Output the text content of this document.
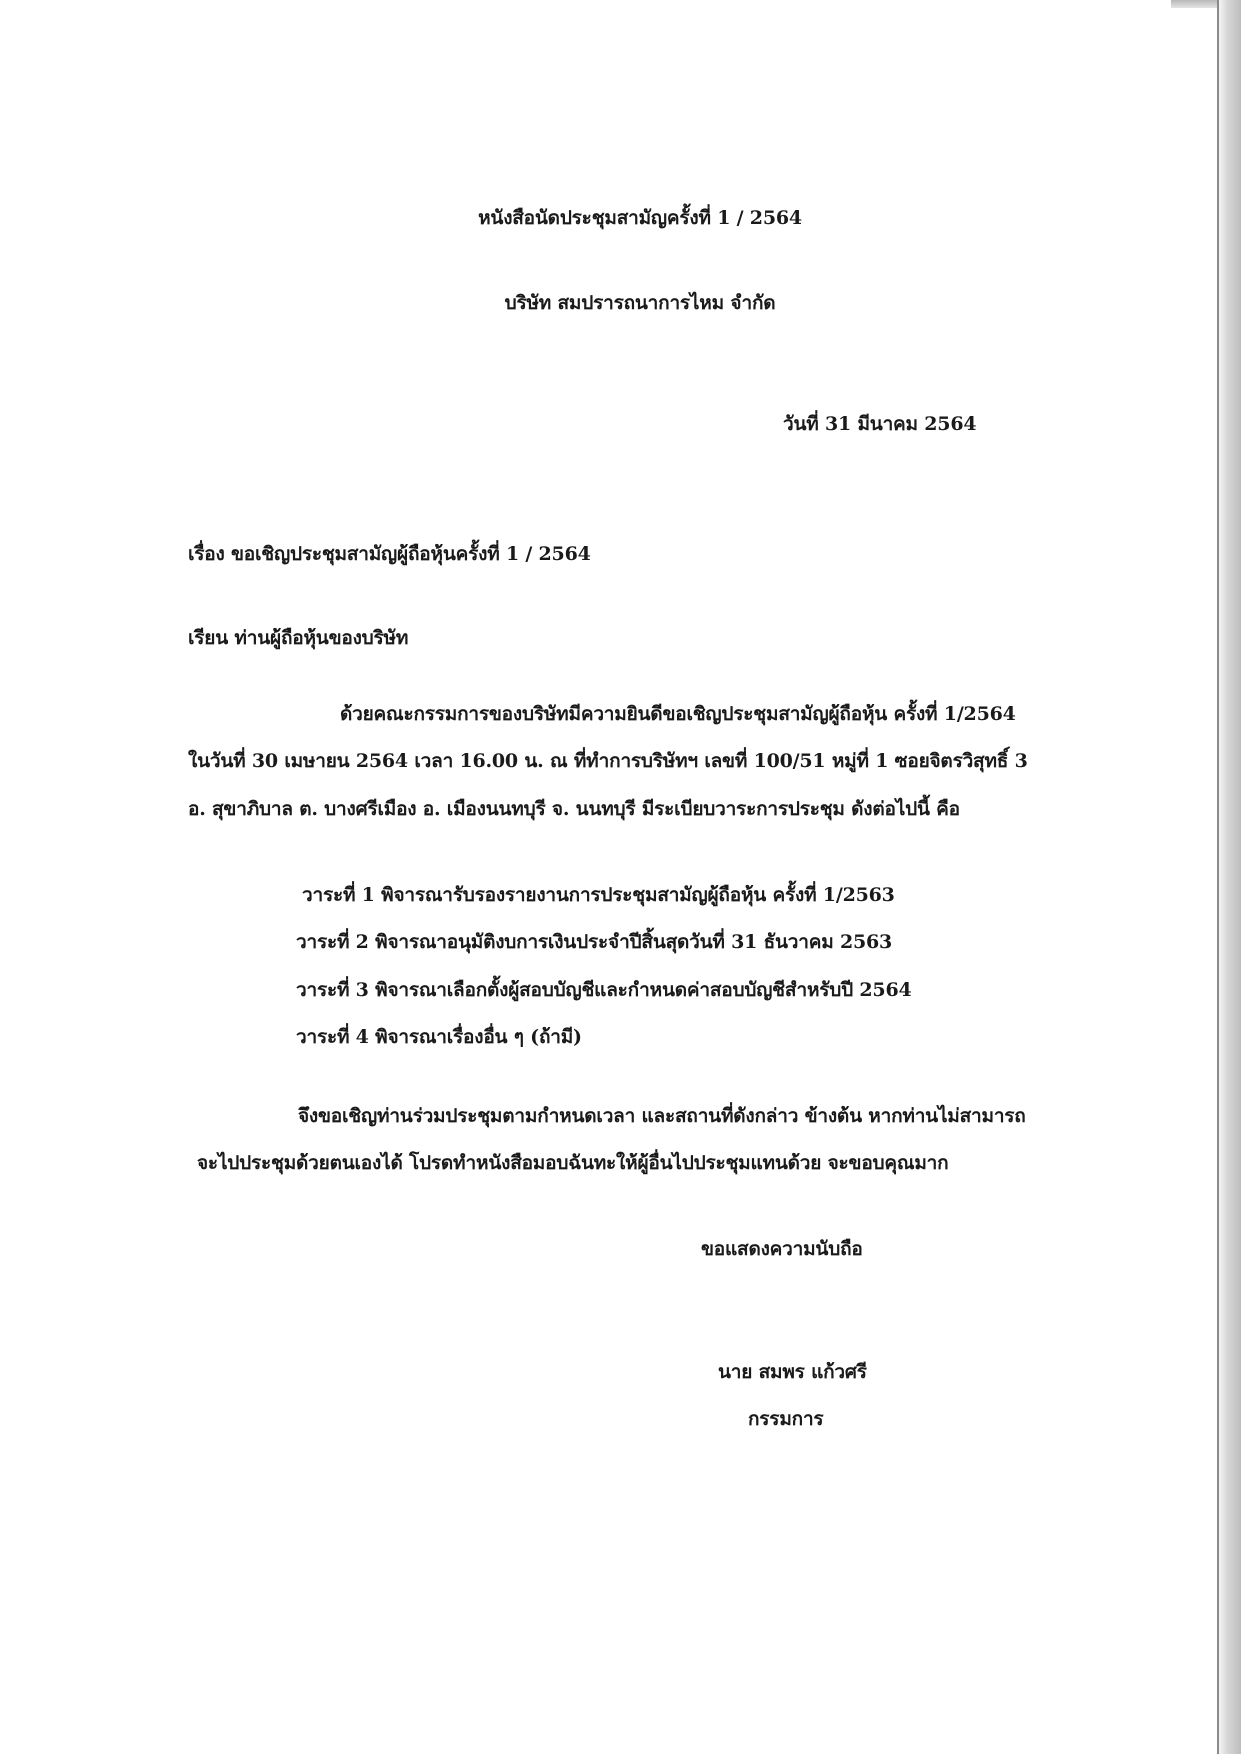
หนังสือนัดประชุมสามัญครั้งที่ 1 / 2564
บริษัท สมปรารถนาการไหม จำกัด
วันที่ 31 มีนาคม 2564
เรื่อง ขอเชิญประชุมสามัญผู้ถือหุ้นครั้งที่ 1 / 2564
เรียน ท่านผู้ถือหุ้นของบริษัท
ด้วยคณะกรรมการของบริษัทมีความยินดีขอเชิญประชุมสามัญผู้ถือหุ้น ครั้งที่ 1/2564
ในวันที่ 30 เมษายน 2564 เวลา 16.00 น. ณ ที่ทำการบริษัทฯ เลขที่ 100/51 หมู่ที่ 1 ซอยจิตรวิสุทธิ์ 3
อ. สุขาภิบาล ต. บางศรีเมือง อ. เมืองนนทบุรี จ. นนทบุรี มีระเบียบวาระการประชุม ดังต่อไปนี้ คือ
วาระที่ 1 พิจารณารับรองรายงานการประชุมสามัญผู้ถือหุ้น ครั้งที่ 1/2563
วาระที่ 2 พิจารณาอนุมัติงบการเงินประจำปีสิ้นสุดวันที่ 31 ธันวาคม 2563
วาระที่ 3 พิจารณาเลือกตั้งผู้สอบบัญชีและกำหนดค่าสอบบัญชีสำหรับปี 2564
วาระที่ 4 พิจารณาเรื่องอื่น ๆ (ถ้ามี)
จึงขอเชิญท่านร่วมประชุมตามกำหนดเวลา และสถานที่ดังกล่าว ข้างต้น หากท่านไม่สามารถ
จะไปประชุมด้วยตนเองได้ โปรดทำหนังสือมอบฉันทะให้ผู้อื่นไปประชุมแทนด้วย จะขอบคุณมาก
ขอแสดงความนับถือ
นาย สมพร แก้วศรี
กรรมการ
